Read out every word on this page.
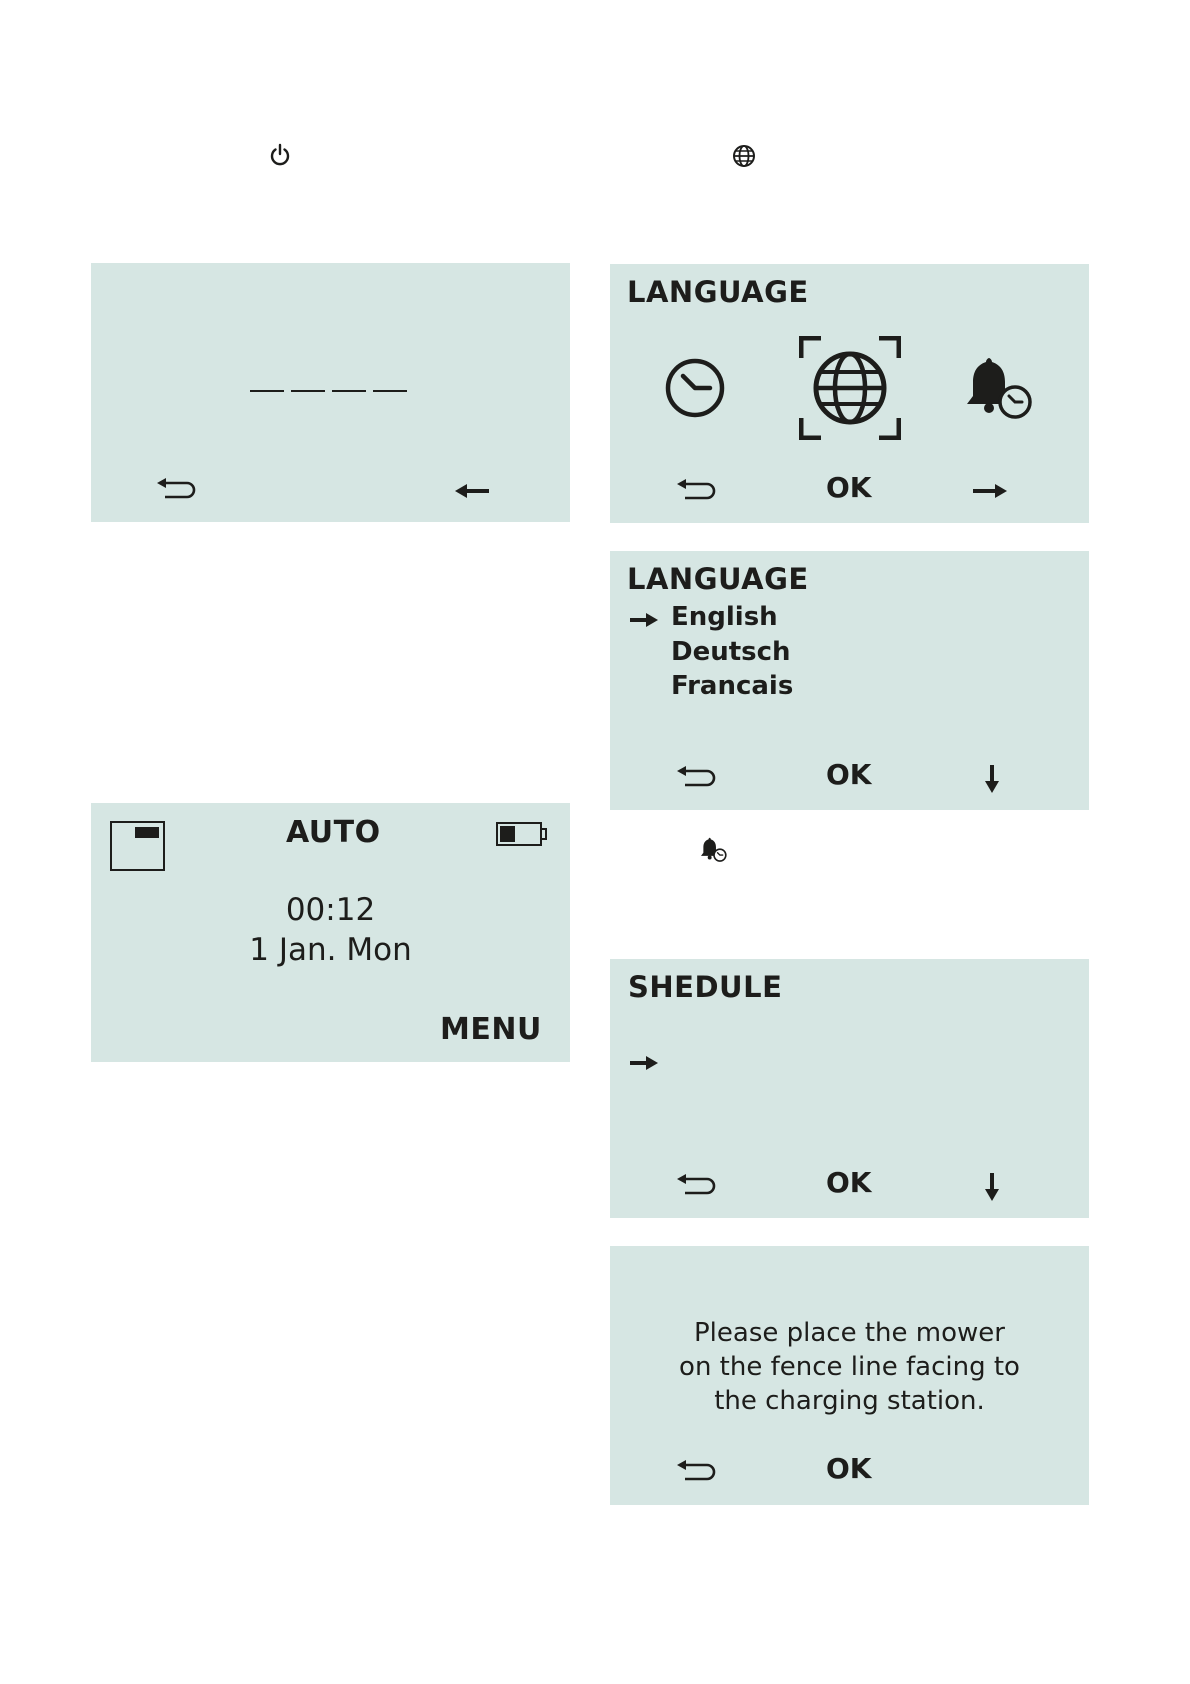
LANGUAGE
OK
LANGUAGE
English
Deutsch
Francais
OK
AUTO
00:12
1 Jan. Mon
MENU
SHEDULE
OK
Please place the mower
on the fence line facing to
the charging station.
OK
